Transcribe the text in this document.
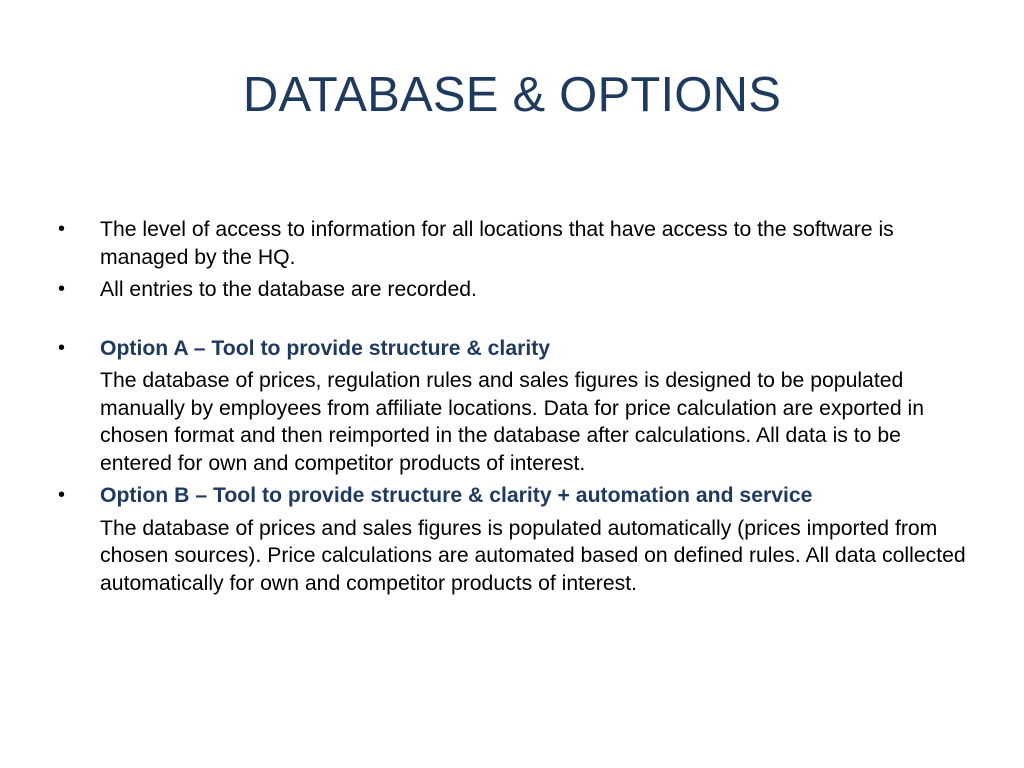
DATABASE & OPTIONS
•	The level of access to information for all locations that have access to the software is managed by the HQ.
•	All entries to the database are recorded.
•	Option A – Tool to provide structure & clarity
The database of prices, regulation rules and sales figures is designed to be populated manually by employees from affiliate locations. Data for price calculation are exported in chosen format and then reimported in the database after calculations. All data is to be entered for own and competitor products of interest.
•	Option B – Tool to provide structure & clarity + automation and service
The database of prices and sales figures is populated automatically (prices imported from chosen sources). Price calculations are automated based on defined rules. All data collected automatically for own and competitor products of interest.
